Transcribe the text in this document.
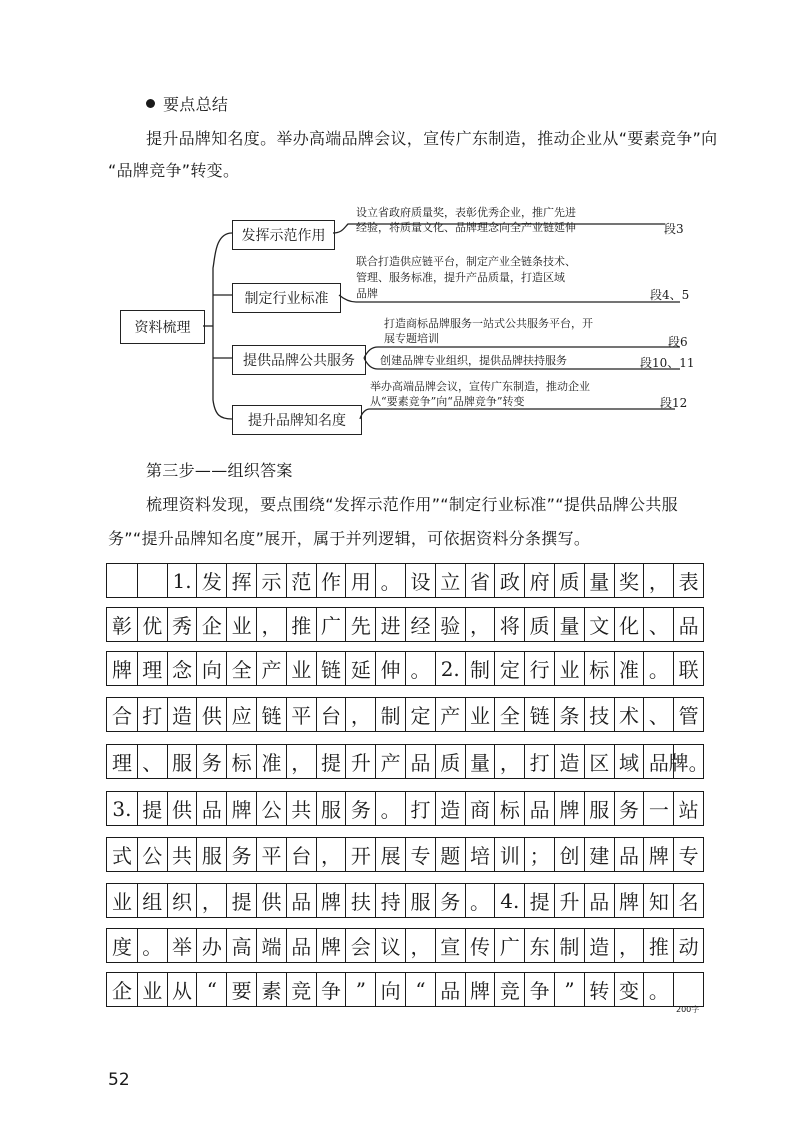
要点总结
提升品牌知名度。举办高端品牌会议，宣传广东制造，推动企业从“要素竞争”向
“品牌竞争”转变。
资料梳理
发挥示范作用
设立省政府质量奖，表彰优秀企业，推广先进
经验，将质量文化、品牌理念向全产业链延伸	段3
制定行业标准
联合打造供应链平台，制定产业全链条技术、
管理、服务标准，提升产品质量，打造区域
品牌	段4、5
提供品牌公共服务
打造商标品牌服务一站式公共服务平台，开
展专题培训	段6
创建品牌专业组织，提供品牌扶持服务	段10、11
提升品牌知名度
举办高端品牌会议，宣传广东制造，推动企业
从“要素竞争”向“品牌竞争”转变	段12
第三步——组织答案
梳理资料发现，要点围绕“发挥示范作用”“制定行业标准”“提供品牌公共服
务”“提升品牌知名度”展开，属于并列逻辑，可依据资料分条撰写。
1. 发 挥 示 范 作 用 。 设 立 省 政 府 质 量 奖 ， 表
彰 优 秀 企 业 ， 推 广 先 进 经 验 ， 将 质 量 文 化 、 品
牌 理 念 向 全 产 业 链 延 伸 。 2. 制 定 行 业 标 准 。 联
合 打 造 供 应 链 平 台 ， 制 定 产 业 全 链 条 技 术 、 管
理 、 服 务 标 准 ， 提 升 产 品 质 量 ， 打 造 区 域 品 牌。
3. 提 供 品 牌 公 共 服 务 。 打 造 商 标 品 牌 服 务 一 站
式 公 共 服 务 平 台 ， 开 展 专 题 培 训 ； 创 建 品 牌 专
业 组 织 ， 提 供 品 牌 扶 持 服 务 。 4. 提 升 品 牌 知 名
度 。 举 办 高 端 品 牌 会 议 ， 宣 传 广 东 制 造 ， 推 动
企 业 从 “ 要 素 竞 争 ” 向 “ 品 牌 竞 争 ” 转 变 。
200字
52
